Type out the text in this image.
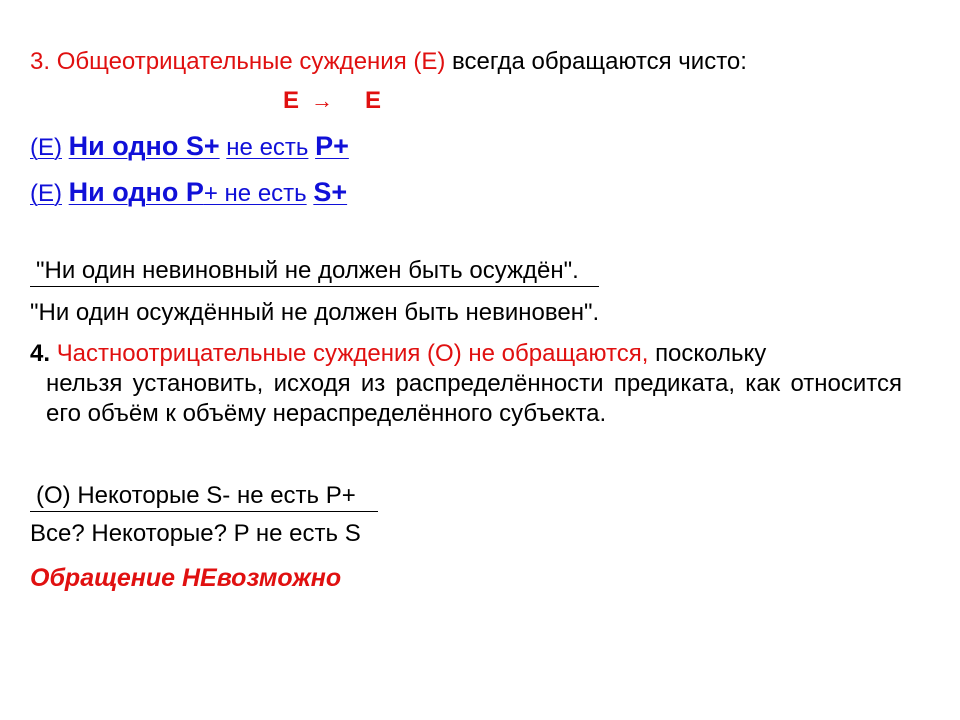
3. Общеотрицательные суждения (E) всегда обращаются чисто:
E → E
(E) Ни одно S+ не есть P+
(E) Ни одно P+ не есть S+
"Ни один невиновный не должен быть осуждён".
"Ни один осуждённый не должен быть невиновен".
4. Частноотрицательные суждения (O) не обращаются, поскольку
нельзя установить, исходя из распределённости предиката, как относится его объём к объёму нераспределённого субъекта.
(O) Некоторые S- не есть P+
Все? Некоторые? P не есть S
Обращение НЕвозможно
